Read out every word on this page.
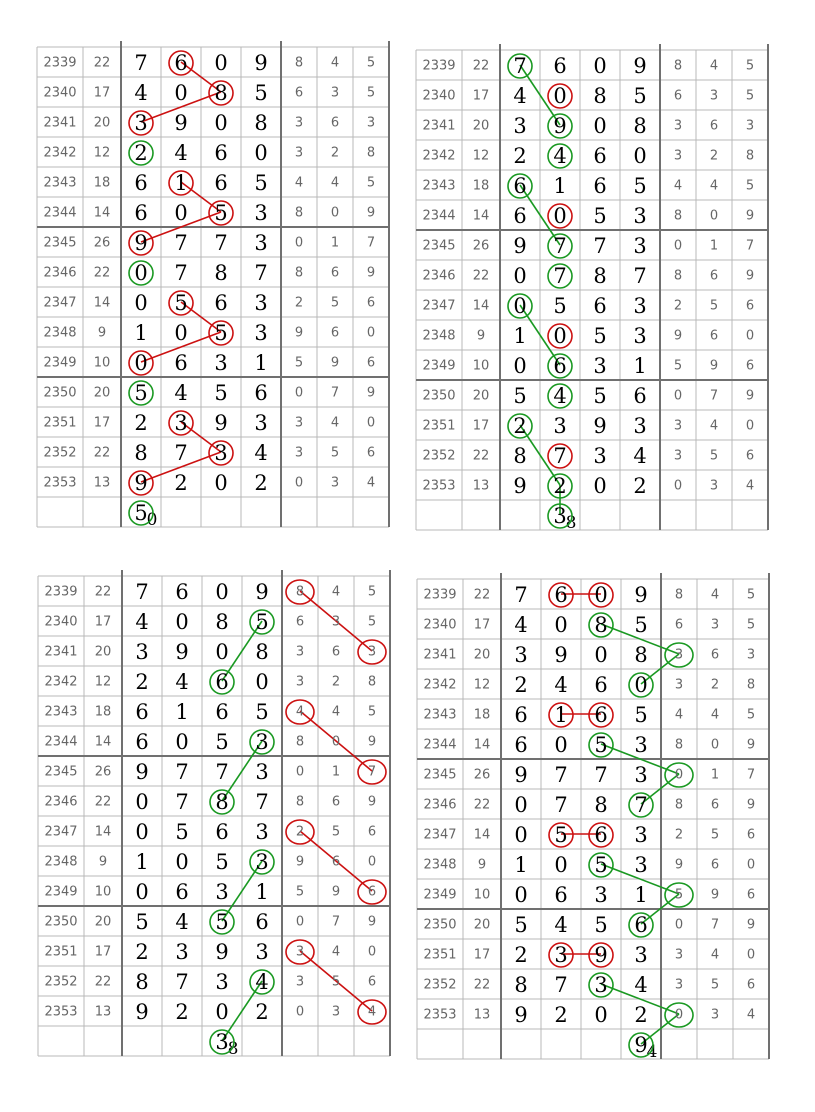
2339 22 7 6 0 9 8 4 5
2340 17 4 0 8 5 6 3 5
2341 20 3 9 0 8 3 6 3
2342 12 2 4 6 0 3 2 8
2343 18 6 1 6 5 4 4 5
2344 14 6 0 5 3 8 0 9
2345 26 9 7 7 3 0 1 7
2346 22 0 7 8 7 8 6 9
2347 14 0 5 6 3 2 5 6
2348 9 1 0 5 3 9 6 0
2349 10 0 6 3 1 5 9 6
2350 20 5 4 5 6 0 7 9
2351 17 2 3 9 3 3 4 0
2352 22 8 7 3 4 3 5 6
2353 13 9 2 0 2 0 3 4
5
0
2339 22 7 6 0 9 8 4 5
2340 17 4 0 8 5 6 3 5
2341 20 3 9 0 8 3 6 3
2342 12 2 4 6 0 3 2 8
2343 18 6 1 6 5 4 4 5
2344 14 6 0 5 3 8 0 9
2345 26 9 7 7 3 0 1 7
2346 22 0 7 8 7 8 6 9
2347 14 0 5 6 3 2 5 6
2348 9 1 0 5 3 9 6 0
2349 10 0 6 3 1 5 9 6
2350 20 5 4 5 6 0 7 9
2351 17 2 3 9 3 3 4 0
2352 22 8 7 3 4 3 5 6
2353 13 9 2 0 2 0 3 4
3
8
2339 22 7 6 0 9 8 4 5
2340 17 4 0 8 5 6 3 5
2341 20 3 9 0 8 3 6 3
2342 12 2 4 6 0 3 2 8
2343 18 6 1 6 5 4 4 5
2344 14 6 0 5 3 8 0 9
2345 26 9 7 7 3 0 1 7
2346 22 0 7 8 7 8 6 9
2347 14 0 5 6 3 2 5 6
2348 9 1 0 5 3 9 6 0
2349 10 0 6 3 1 5 9 6
2350 20 5 4 5 6 0 7 9
2351 17 2 3 9 3 3 4 0
2352 22 8 7 3 4 3 5 6
2353 13 9 2 0 2 0 3 4
3
8
2339 22 7 6 0 9 8 4 5
2340 17 4 0 8 5 6 3 5
2341 20 3 9 0 8 3 6 3
2342 12 2 4 6 0 3 2 8
2343 18 6 1 6 5 4 4 5
2344 14 6 0 5 3 8 0 9
2345 26 9 7 7 3 0 1 7
2346 22 0 7 8 7 8 6 9
2347 14 0 5 6 3 2 5 6
2348 9 1 0 5 3 9 6 0
2349 10 0 6 3 1 5 9 6
2350 20 5 4 5 6 0 7 9
2351 17 2 3 9 3 3 4 0
2352 22 8 7 3 4 3 5 6
2353 13 9 2 0 2 0 3 4
9
4
